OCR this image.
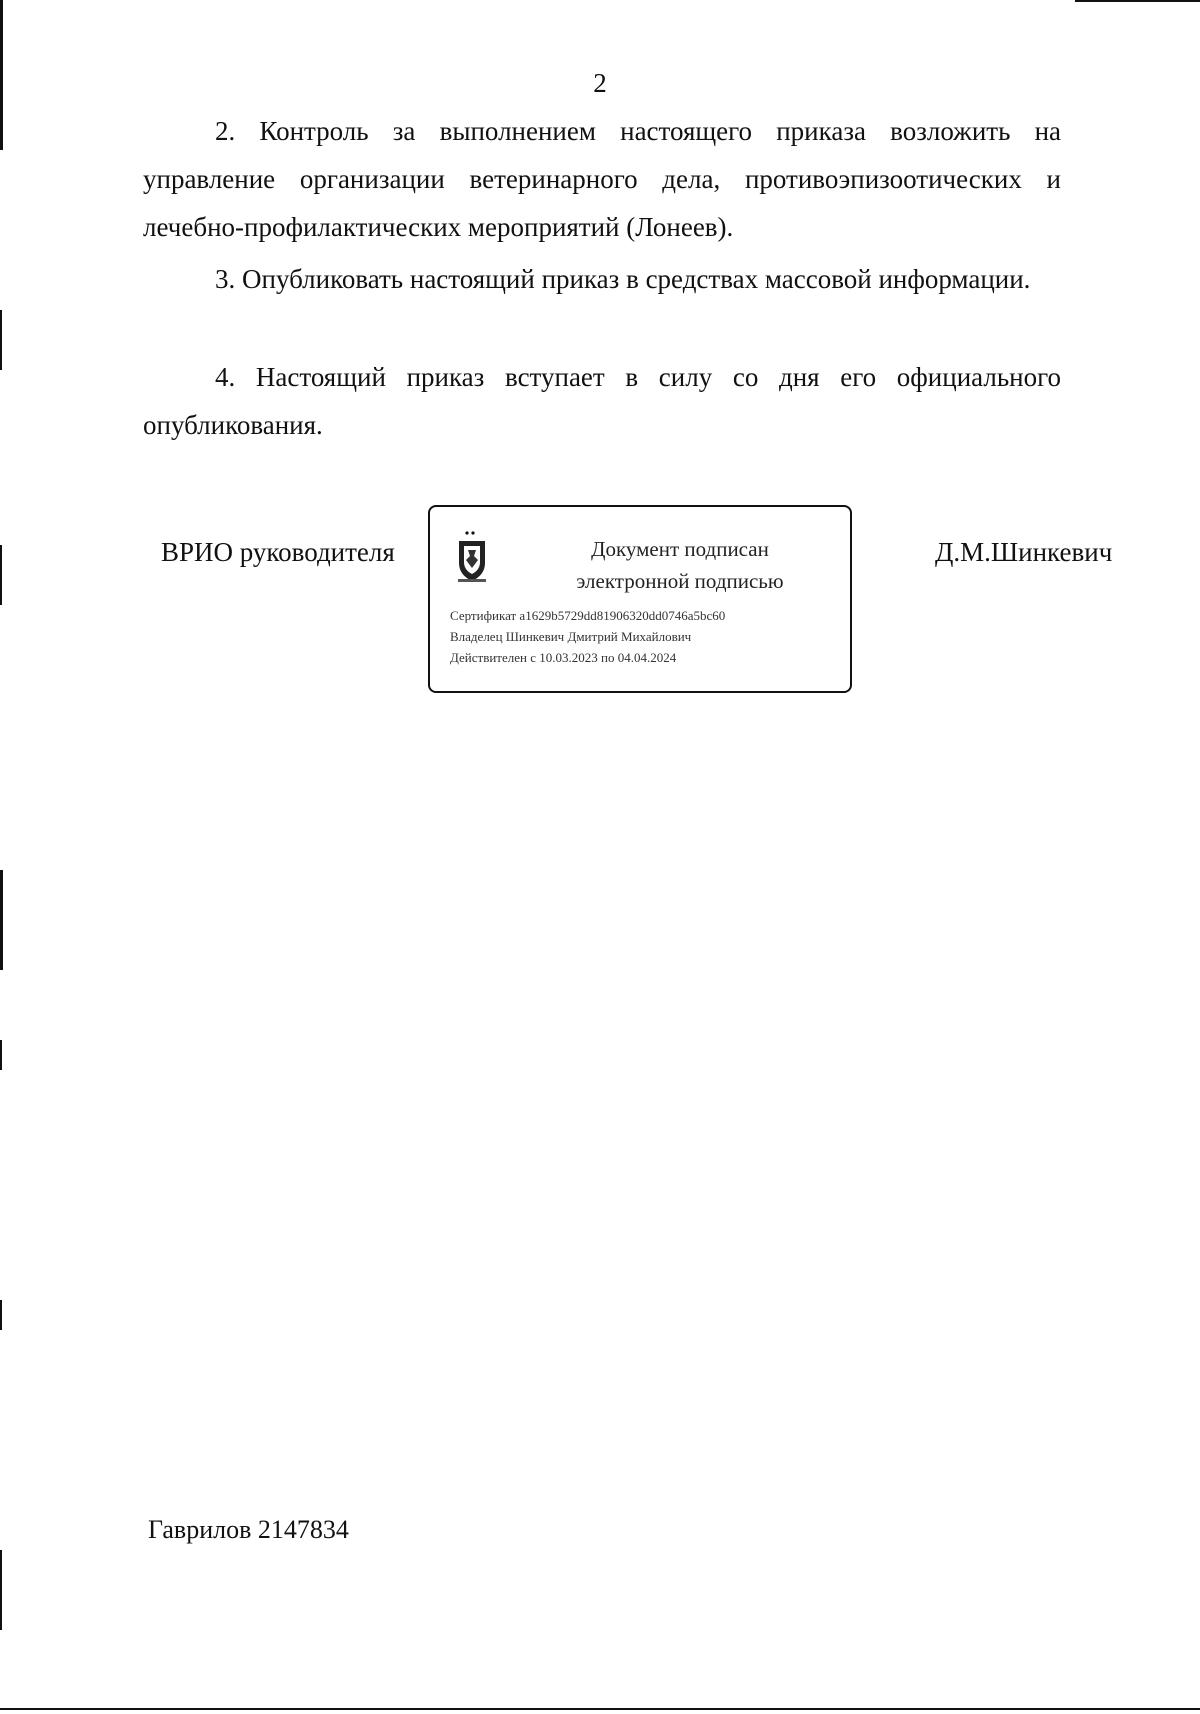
2

2. Контроль за выполнением настоящего приказа возложить на управление организации ветеринарного дела, противоэпизоотических и лечебно-профилактических мероприятий (Лонеев).

3. Опубликовать настоящий приказ в средствах массовой информации.

4. Настоящий приказ вступает в силу со дня его официального опубликования.

ВРИО руководителя	Документ подписан
электронной подписью
Сертификат a1629b5729dd81906320dd0746a5bc60
Владелец Шинкевич Дмитрий Михайлович
Действителен с 10.03.2023 по 04.04.2024
Д.М.Шинкевич
Гаврилов 2147834
